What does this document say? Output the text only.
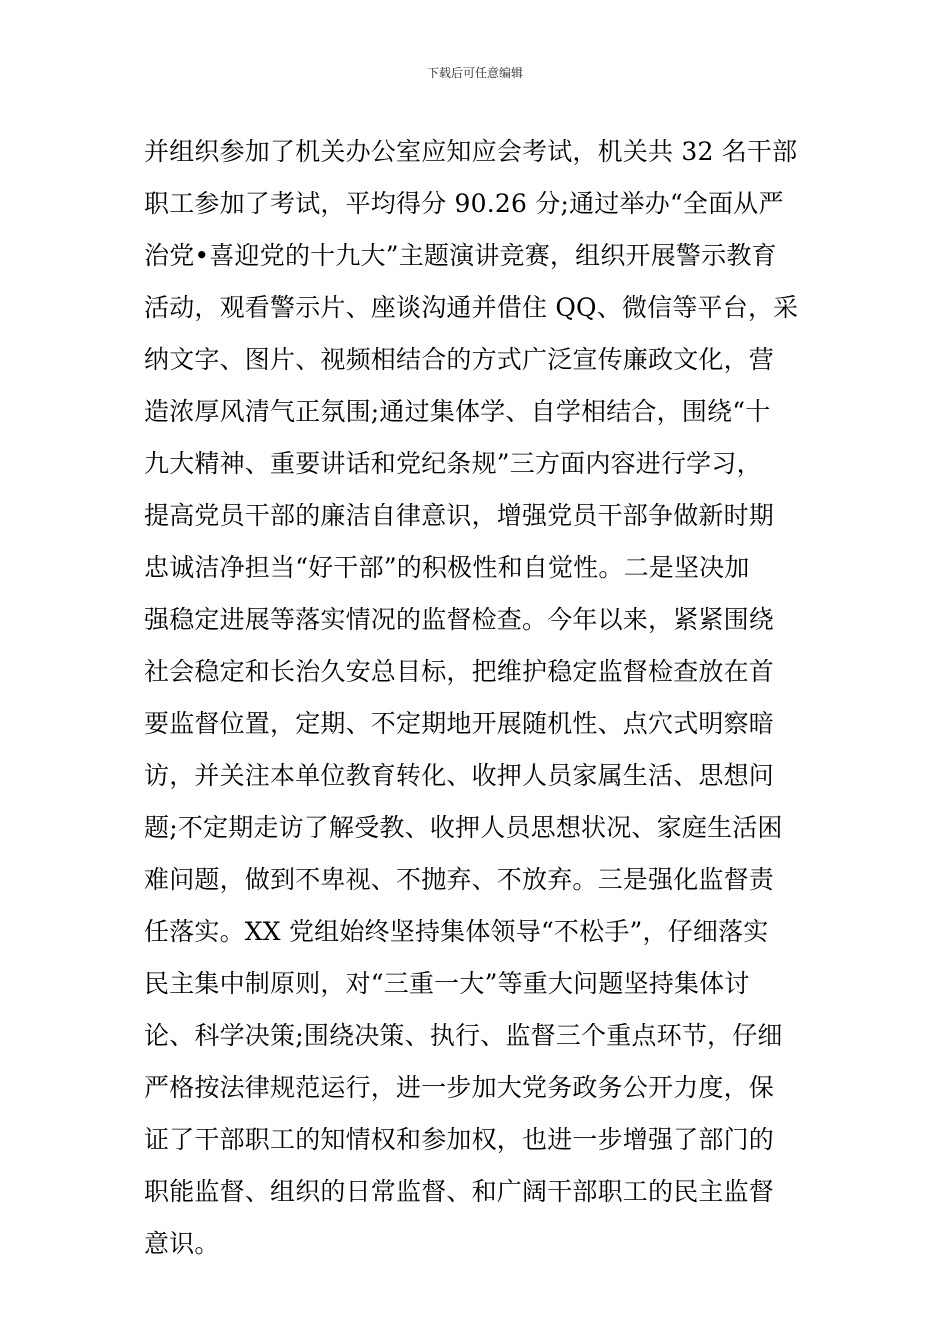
下载后可任意编辑
并组织参加了机关办公室应知应会考试，机关共 32 名干部
职工参加了考试，平均得分 90.26 分;通过举办“全面从严
治党•喜迎党的十九大”主题演讲竞赛，组织开展警示教育
活动，观看警示片、座谈沟通并借住 QQ、微信等平台，采
纳文字、图片、视频相结合的方式广泛宣传廉政文化，营
造浓厚风清气正氛围;通过集体学、自学相结合，围绕“十
九大精神、重要讲话和党纪条规”三方面内容进行学习，
提高党员干部的廉洁自律意识，增强党员干部争做新时期
忠诚洁净担当“好干部”的积极性和自觉性。二是坚决加
强稳定进展等落实情况的监督检查。今年以来，紧紧围绕
社会稳定和长治久安总目标，把维护稳定监督检查放在首
要监督位置，定期、不定期地开展随机性、点穴式明察暗
访，并关注本单位教育转化、收押人员家属生活、思想问
题;不定期走访了解受教、收押人员思想状况、家庭生活困
难问题，做到不卑视、不抛弃、不放弃。三是强化监督责
任落实。XX 党组始终坚持集体领导“不松手”，仔细落实
民主集中制原则，对“三重一大”等重大问题坚持集体讨
论、科学决策;围绕决策、执行、监督三个重点环节，仔细
严格按法律规范运行，进一步加大党务政务公开力度，保
证了干部职工的知情权和参加权，也进一步增强了部门的
职能监督、组织的日常监督、和广阔干部职工的民主监督
意识。
